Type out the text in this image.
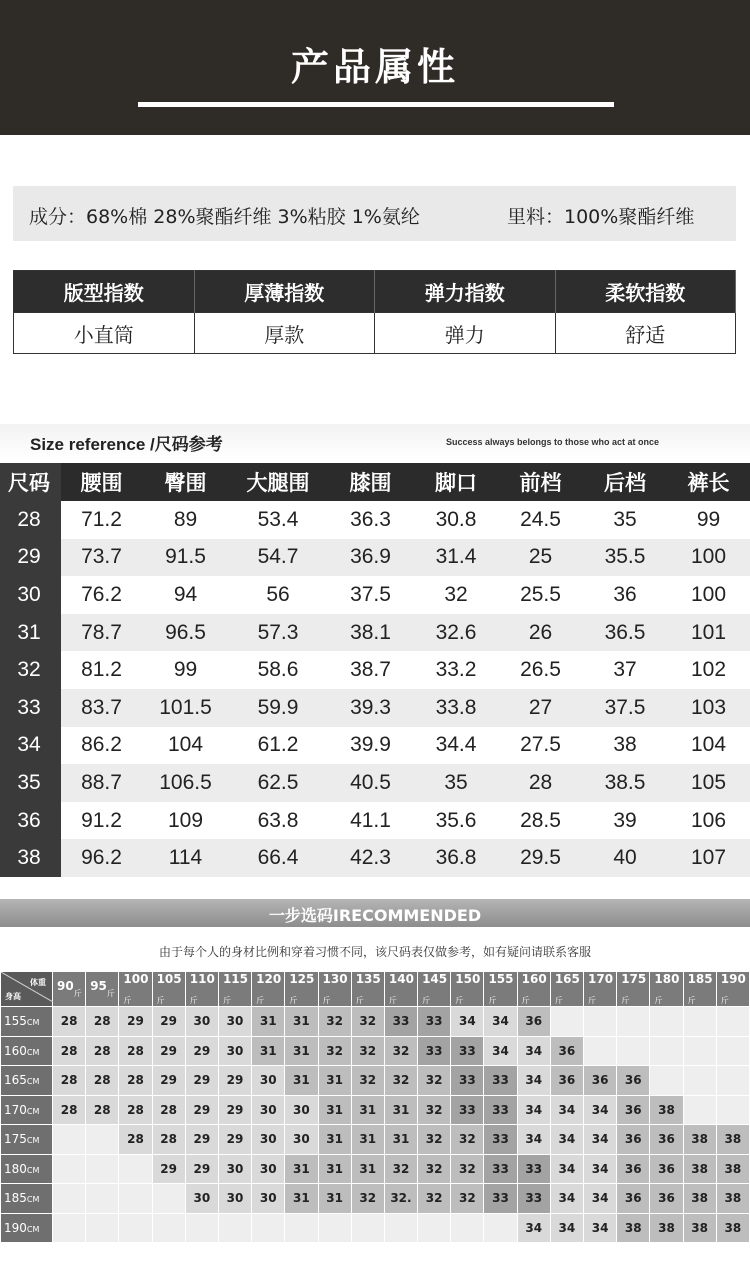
产品属性
成分：68%棉 28%聚酯纤维 3%粘胶 1%氨纶	里料：100%聚酯纤维
版型指数	厚薄指数	弹力指数	柔软指数
小直筒	厚款	弹力	舒适
Size reference /尺码参考	Success always belongs to those who act at once
尺码		腰围	臀围	大腿围	膝围	脚口	前档	后档	裤长
28		71.2	89	53.4	36.3	30.8	24.5	35	99
29		73.7	91.5	54.7	36.9	31.4	25	35.5	100
30		76.2	94	56	37.5	32	25.5	36	100
31		78.7	96.5	57.3	38.1	32.6	26	36.5	101
32		81.2	99	58.6	38.7	33.2	26.5	37	102
33		83.7	101.5	59.9	39.3	33.8	27	37.5	103
34		86.2	104	61.2	39.9	34.4	27.5	38	104
35		88.7	106.5	62.5	40.5	35	28	38.5	105
36		91.2	109	63.8	41.1	35.6	28.5	39	106
38		96.2	114	66.4	42.3	36.8	29.5	40	107
一步选码IRECOMMENDED
由于每个人的身材比例和穿着习惯不同，该尺码表仅做参考，如有疑问请联系客服
体重
身高	$90_斤$	$95_斤$	$100_斤$	$105_斤$	$110_斤$	$115_斤$	$120_斤$	$125_斤$	$130_斤$	$135_斤$	$140_斤$	$145_斤$	$150_斤$	$155_斤$	$160_斤$	$165_斤$	$170_斤$	$175_斤$	$180_斤$	$185_斤$	$190_斤$
155CM	28	28	29	29	30	30	31	31	32	32	33	33	34	34	36						
160CM	28	28	28	29	29	30	31	31	32	32	32	33	33	34	34	36					
165CM	28	28	28	29	29	29	30	31	31	32	32	32	33	33	34	36	36	36			
170CM	28	28	28	28	29	29	30	30	31	31	31	32	33	33	34	34	34	36	38		
175CM			28	28	29	29	30	30	31	31	31	32	32	33	34	34	34	36	36	38	38
180CM				29	29	30	30	31	31	31	32	32	32	33	33	34	34	36	36	38	38
185CM					30	30	30	31	31	32	32.	32	32	33	33	34	34	36	36	38	38
190CM															34	34	34	38	38	38	38
